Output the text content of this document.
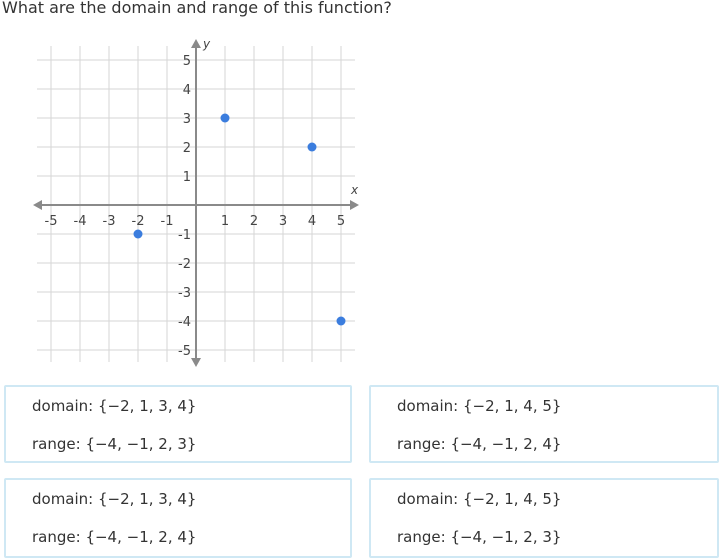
What are the domain and range of this function?
x
y
-5 -4 -3 -2 -1	1 2 3 4 5
5
4
3
2
1
-1
-2
-3
-4
-5
domain: {−2, 1, 3, 4}
range: {−4, −1, 2, 3}
domain: {−2, 1, 4, 5}
range: {−4, −1, 2, 4}
domain: {−2, 1, 3, 4}
range: {−4, −1, 2, 4}
domain: {−2, 1, 4, 5}
range: {−4, −1, 2, 3}
